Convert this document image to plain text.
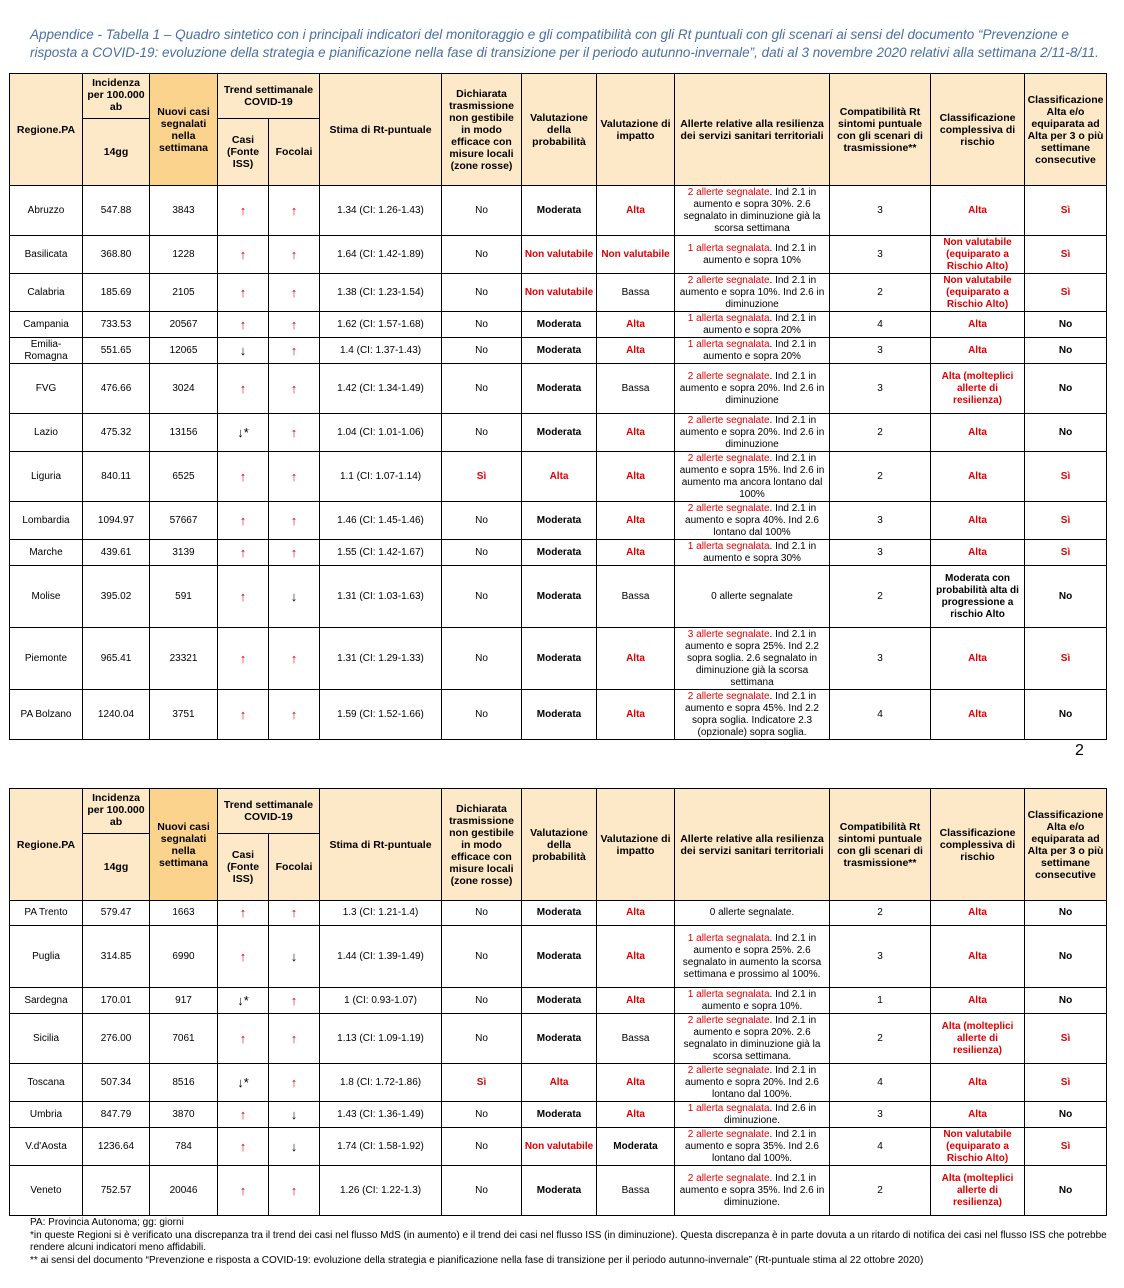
Appendice - Tabella 1 – Quadro sintetico con i principali indicatori del monitoraggio e gli compatibilità con gli Rt puntuali con gli scenari ai sensi del documento “Prevenzione e risposta a COVID-19: evoluzione della strategia e pianificazione nella fase di transizione per il periodo autunno-invernale”, dati al 3 novembre 2020 relativi alla settimana 2/11-8/11.
Regione.PA	Incidenza per 100.000 ab	Nuovi casi segnalati nella settimana	Trend settimanale COVID-19		Stima di Rt-puntuale	Dichiarata trasmissione non gestibile in modo efficace con misure locali (zone rosse)	Valutazione della probabilità	Valutazione di impatto	Allerte relative alla resilienza dei servizi sanitari territoriali	Compatibilità Rt sintomi puntuale con gli scenari di trasmissione**	Classificazione complessiva di rischio	Classificazione Alta e/o equiparata ad Alta per 3 o più settimane consecutive
	14gg		Casi (Fonte ISS)	Focolai								
Abruzzo	547.88	3843	↑	↑	1.34 (CI: 1.26-1.43)	No	Moderata	Alta	2 allerte segnalate. Ind 2.1 in aumento e sopra 30%. 2.6 segnalato in diminuzione già la scorsa settimana	3	Alta	Sì
Basilicata	368.80	1228	↑	↑	1.64 (CI: 1.42-1.89)	No	Non valutabile	Non valutabile	1 allerta segnalata. Ind 2.1 in aumento e sopra 10%	3	Non valutabile (equiparato a Rischio Alto)	Sì
Calabria	185.69	2105	↑	↑	1.38 (CI: 1.23-1.54)	No	Non valutabile	Bassa	2 allerte segnalate. Ind 2.1 in aumento e sopra 10%. Ind 2.6 in diminuzione	2	Non valutabile (equiparato a Rischio Alto)	Sì
Campania	733.53	20567	↑	↑	1.62 (CI: 1.57-1.68)	No	Moderata	Alta	1 allerta segnalata. Ind 2.1 in aumento e sopra 20%	4	Alta	No
Emilia-Romagna	551.65	12065	↓	↑	1.4 (CI: 1.37-1.43)	No	Moderata	Alta	1 allerta segnalata. Ind 2.1 in aumento e sopra 20%	3	Alta	No
FVG	476.66	3024	↑	↑	1.42 (CI: 1.34-1.49)	No	Moderata	Bassa	2 allerte segnalate. Ind 2.1 in aumento e sopra 20%. Ind 2.6 in diminuzione	3	Alta (molteplici allerte di resilienza)	No
Lazio	475.32	13156	↓*	↑	1.04 (CI: 1.01-1.06)	No	Moderata	Alta	2 allerte segnalate. Ind 2.1 in aumento e sopra 20%. Ind 2.6 in diminuzione	2	Alta	No
Liguria	840.11	6525	↑	↑	1.1 (CI: 1.07-1.14)	Sì	Alta	Alta	2 allerte segnalate. Ind 2.1 in aumento e sopra 15%. Ind 2.6 in aumento ma ancora lontano dal 100%	2	Alta	Sì
Lombardia	1094.97	57667	↑	↑	1.46 (CI: 1.45-1.46)	No	Moderata	Alta	2 allerte segnalate. Ind 2.1 in aumento e sopra 40%. Ind 2.6 lontano dal 100%	3	Alta	Sì
Marche	439.61	3139	↑	↑	1.55 (CI: 1.42-1.67)	No	Moderata	Alta	1 allerta segnalata. Ind 2.1 in aumento e sopra 30%	3	Alta	Sì
Molise	395.02	591	↑	↓	1.31 (CI: 1.03-1.63)	No	Moderata	Bassa	0 allerte segnalate	2	Moderata con probabilità alta di progressione a rischio Alto	No
Piemonte	965.41	23321	↑	↑	1.31 (CI: 1.29-1.33)	No	Moderata	Alta	3 allerte segnalate. Ind 2.1 in aumento e sopra 25%. Ind 2.2 sopra soglia. 2.6 segnalato in diminuzione già la scorsa settimana	3	Alta	Sì
PA Bolzano	1240.04	3751	↑	↑	1.59 (CI: 1.52-1.66)	No	Moderata	Alta	2 allerte segnalate. Ind 2.1 in aumento e sopra 45%. Ind 2.2 sopra soglia. Indicatore 2.3 (opzionale) sopra soglia.	4	Alta	No
2
Regione.PA	Incidenza per 100.000 ab	Nuovi casi segnalati nella settimana	Trend settimanale COVID-19		Stima di Rt-puntuale	Dichiarata trasmissione non gestibile in modo efficace con misure locali (zone rosse)	Valutazione della probabilità	Valutazione di impatto	Allerte relative alla resilienza dei servizi sanitari territoriali	Compatibilità Rt sintomi puntuale con gli scenari di trasmissione**	Classificazione complessiva di rischio	Classificazione Alta e/o equiparata ad Alta per 3 o più settimane consecutive
	14gg		Casi (Fonte ISS)	Focolai								
PA Trento	579.47	1663	↑	↑	1.3 (CI: 1.21-1.4)	No	Moderata	Alta	0 allerte segnalate.	2	Alta	No
Puglia	314.85	6990	↑	↓	1.44 (CI: 1.39-1.49)	No	Moderata	Alta	1 allerta segnalata. Ind 2.1 in aumento e sopra 25%. 2.6 segnalato in aumento la scorsa settimana e prossimo al 100%.	3	Alta	No
Sardegna	170.01	917	↓*	↑	1 (CI: 0.93-1.07)	No	Moderata	Alta	1 allerta segnalata. Ind 2.1 in aumento e sopra 10%.	1	Alta	No
Sicilia	276.00	7061	↑	↑	1.13 (CI: 1.09-1.19)	No	Moderata	Bassa	2 allerte segnalate. Ind 2.1 in aumento e sopra 20%. 2.6 segnalato in diminuzione già la scorsa settimana.	2	Alta (molteplici allerte di resilienza)	Sì
Toscana	507.34	8516	↓*	↑	1.8 (CI: 1.72-1.86)	Sì	Alta	Alta	2 allerte segnalate. Ind 2.1 in aumento e sopra 20%. Ind 2.6 lontano dal 100%.	4	Alta	Sì
Umbria	847.79	3870	↑	↓	1.43 (CI: 1.36-1.49)	No	Moderata	Alta	1 allerta segnalata. Ind 2.6 in diminuzione.	3	Alta	No
V.d'Aosta	1236.64	784	↑	↓	1.74 (CI: 1.58-1.92)	No	Non valutabile	Moderata	2 allerte segnalate. Ind 2.1 in aumento e sopra 35%. Ind 2.6 lontano dal 100%.	4	Non valutabile (equiparato a Rischio Alto)	Sì
Veneto	752.57	20046	↑	↑	1.26 (CI: 1.22-1.3)	No	Moderata	Bassa	2 allerte segnalate. Ind 2.1 in aumento e sopra 35%. Ind 2.6 in diminuzione.	2	Alta (molteplici allerte di resilienza)	No
PA: Provincia Autonoma; gg: giorni
*in queste Regioni si è verificato una discrepanza tra il trend dei casi nel flusso MdS (in aumento) e il trend dei casi nel flusso ISS (in diminuzione). Questa discrepanza è in parte dovuta a un ritardo di notifica dei casi nel flusso ISS che potrebbe rendere alcuni indicatori meno affidabili.
** ai sensi del documento “Prevenzione e risposta a COVID-19: evoluzione della strategia e pianificazione nella fase di transizione per il periodo autunno-invernale” (Rt-puntuale stima al 22 ottobre 2020)
